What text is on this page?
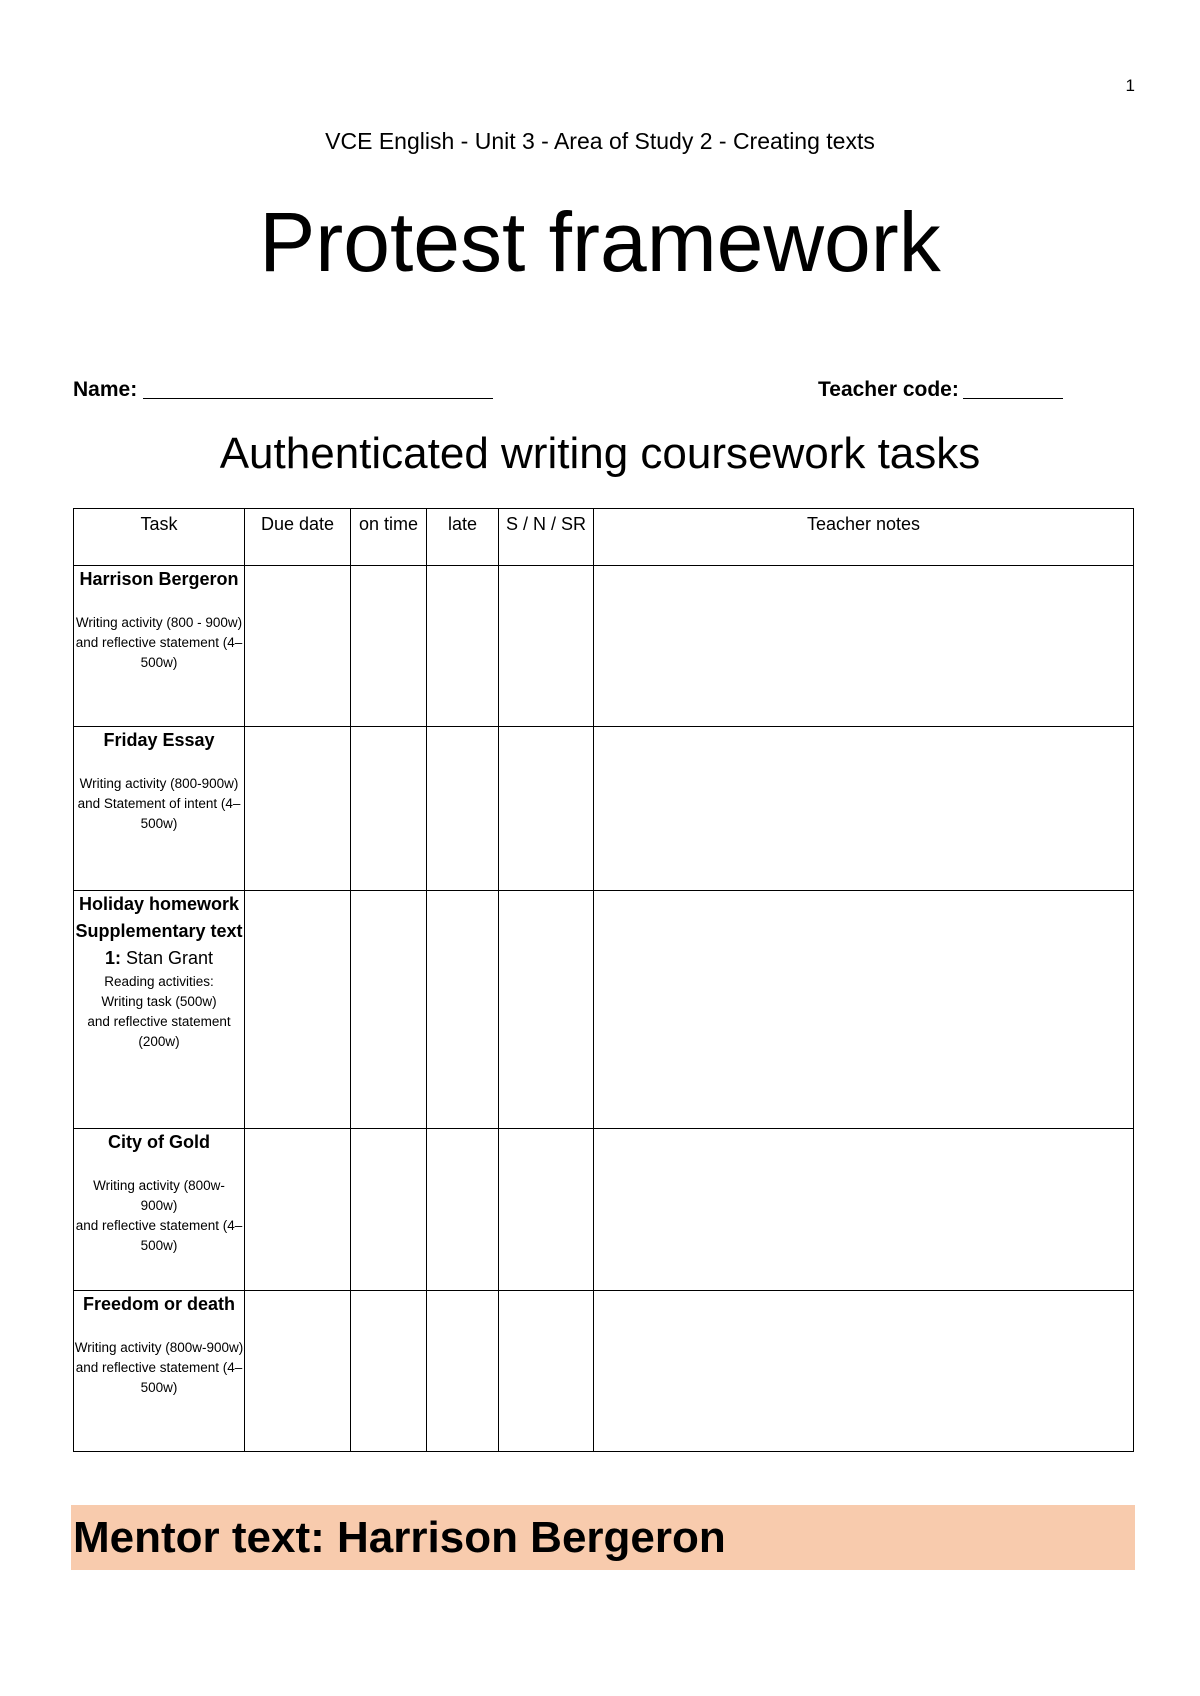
1
VCE English - Unit 3 - Area of Study 2 - Creating texts
Protest framework
Name:	Teacher code:
Authenticated writing coursework tasks
Task	Due date	on time	late	S / N / SR	Teacher notes

Harrison Bergeron
Writing activity (800 - 900w)
and reflective statement (4–500w)					

Friday Essay
Writing activity (800-900w)
and Statement of intent (4–500w)					

Holiday homework Supplementary text 1: Stan Grant
Reading activities:
Writing task (500w)
and reflective statement (200w)					

City of Gold
Writing activity (800w- 900w)
and reflective statement (4–500w)					

Freedom or death
Writing activity (800w-900w)
and reflective statement (4–500w)					

Mentor text: Harrison Bergeron
